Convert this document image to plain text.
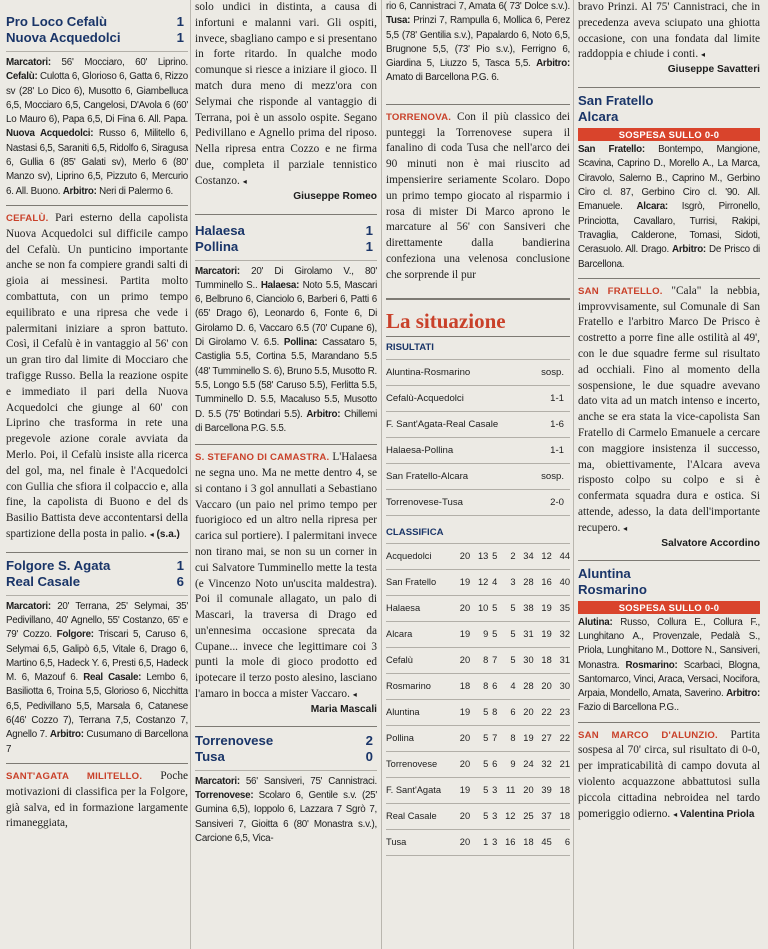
Pro Loco Cefalù	1
Nuova Acquedolci	1

Marcatori: 56' Mocciaro, 60' Liprino. Cefalù: Culotta 6, Glorioso 6, Gatta 6, Rizzo sv (28' Lo Dico 6), Musotto 6, Giambelluca 6,5, Mocciaro 6,5, Cangelosi, D'Avola 6 (60' Lo Mauro 6), Papa 6,5, Di Fina 6. All. Papa. Nuova Acquedolci: Russo 6, Militello 6, Nastasi 6,5, Saraniti 6,5, Ridolfo 6, Siragusa 6, Gullia 6 (85' Galati sv), Merlo 6 (80' Manzo sv), Liprino 6,5, Pizzuto 6, Mercurio 6. All. Buono. Arbitro: Neri di Palermo 6.

CEFALÙ. Pari esterno della capolista Nuova Acquedolci sul difficile campo del Cefalù. Un punticino importante anche se non fa compiere grandi salti di gioia ai messinesi. Partita molto combattuta, con un primo tempo equilibrato e una ripresa che vede i palermitani iniziare a spron battuto. Così, il Cefalù è in vantaggio al 56' con un gran tiro dal limite di Mocciaro che trafigge Russo. Bella la reazione ospite e immediato il pari della Nuova Acquedolci che giunge al 60' con Liprino che trasforma in rete una pregevole azione corale avviata da Merlo. Poi, il Cefalù insiste alla ricerca del gol, ma, nel finale è l'Acquedolci con Gullia che sfiora il colpaccio e, alla fine, la capolista di Buono e del ds Basilio Battista deve accontentarsi della spartizione della posta in palio. ◂ (s.a.)

Folgore S. Agata	1
Real Casale	6

Marcatori: 20' Terrana, 25' Selymai, 35' Pedivillano, 40' Agnello, 55' Costanzo, 65' e 79' Cozzo. Folgore: Triscari 5, Caruso 6, Selymai 6,5, Galipò 6,5, Vitale 6, Drago 6, Martino 6,5, Hadeck Y. 6, Presti 6,5, Hadeck M. 6, Mazouf 6. Real Casale: Lembo 6, Basiliotta 6, Troina 5,5, Glorioso 6, Nicchitta 6,5, Pedivillano 5,5, Marsala 6, Catanese 6(46' Cozzo 7), Terrana 7,5, Costanzo 7, Agnello 7. Arbitro: Cusumano di Barcellona 7

SANT'AGATA MILITELLO. Poche motivazioni di classifica per la Folgore, già salva, ed in formazione largamente rimaneggiata,

solo undici in distinta, a causa di infortuni e malanni vari. Gli ospiti, invece, sbagliano campo e si presentano in forte ritardo. In qualche modo comunque si riesce a iniziare il gioco. Il match dura meno di mezz'ora con Selymai che risponde al vantaggio di Terrana, poi è un assolo ospite. Segano Pedivillano e Agnello prima del riposo. Nella ripresa entra Cozzo e ne firma due, completa il parziale tennistico Costanzo. ◂

Giuseppe Romeo
Halaesa	1
Pollina	1

Marcatori: 20' Di Girolamo V., 80' Tumminello S.. Halaesa: Noto 5.5, Mascari 6, Belbruno 6, Cianciolo 6, Barberi 6, Patti 6 (65' Drago 6), Leonardo 6, Fonte 6, Di Girolamo D. 6, Vaccaro 6.5 (70' Cupane 6), Di Girolamo V. 6.5. Pollina: Cassataro 5, Castiglia 5.5, Cortina 5.5, Marandano 5.5 (48' Tumminello S. 6), Bruno 5.5, Musotto R. 5.5, Longo 5.5 (58' Caruso 5.5), Ferlitta 5.5, Tumminello D. 5.5, Macaluso 5.5, Musotto D. 5.5 (75' Botindari 5.5). Arbitro: Chillemi di Barcellona P.G. 5.5.

S. STEFANO DI CAMASTRA. L'Halaesa ne segna uno. Ma ne mette dentro 4, se si contano i 3 gol annullati a Sebastiano Vaccaro (un paio nel primo tempo per fuorigioco ed un altro nella ripresa per carica sul portiere). I palermitani invece non tirano mai, se non su un corner in cui Salvatore Tumminello mette la testa (e Vincenzo Noto un'uscita maldestra). Poi il comunale allagato, un palo di Mascari, la traversa di Drago ed un'ennesima occasione sprecata da Cupane... invece che legittimare coi 3 punti la mole di gioco prodotto ed ipotecare il terzo posto alesino, lasciano l'amaro in bocca a mister Vaccaro. ◂

Maria Mascali
Torrenovese	2
Tusa	0

Marcatori: 56' Sansiveri, 75' Cannistraci. Torrenovese: Scolaro 6, Gentile s.v. (25' Gumina 6,5), Ioppolo 6, Lazzara 7 Sgrò 7, Sansiveri 7, Gioitta 6 (80' Monastra s.v.), Carcione 6,5, Vica-

rio 6, Cannistraci 7, Amata 6( 73' Dolce s.v.). Tusa: Prinzi 7, Rampulla 6, Mollica 6, Perez 5,5 (78' Gentilia s.v.), Papalardo 6, Noto 6,5, Brugnone 5,5, (73' Pio s.v.), Ferrigno 6, Giardina 5, Liuzzo 5, Tasca 5,5. Arbitro: Amato di Barcellona P.G. 6.

TORRENOVA. Con il più classico dei punteggi la Torrenovese supera il fanalino di coda Tusa che nell'arco dei 90 minuti non è mai riuscito ad impensierire seriamente Scolaro. Dopo un primo tempo giocato al risparmio i rosa di mister Di Marco aprono le marcature al 56' con Sansiveri che direttamente dalla bandierina confeziona una velenosa conclusione che sorprende il pur

La situazione
RISULTATI
Aluntina-Rosmarino	sosp.
Cefalù-Acquedolci	1-1
F. Sant'Agata-Real Casale	1-6
Halaesa-Pollina	1-1
San Fratello-Alcara	sosp.
Torrenovese-Tusa	2-0
CLASSIFICA
Acquedolci	20	13	5	2	34	12	44
San Fratello	19	12	4	3	28	16	40
Halaesa	20	10	5	5	38	19	35
Alcara	19	9	5	5	31	19	32
Cefalù	20	8	7	5	30	18	31
Rosmarino	18	8	6	4	28	20	30
Aluntina	19	5	8	6	20	22	23
Pollina	20	5	7	8	19	27	22
Torrenovese	20	5	6	9	24	32	21
F. Sant'Agata	19	5	3	11	20	39	18
Real Casale	20	5	3	12	25	37	18
Tusa	20	1	3	16	18	45	6

bravo Prinzi. Al 75' Cannistraci, che in precedenza aveva sciupato una ghiotta occasione, con una fondata dal limite raddoppia e chiude i conti. ◂

Giuseppe Savatteri
San Fratello
Alcara
SOSPESA SULLO 0-0

San Fratello: Bontempo, Mangione, Scavina, Caprino D., Morello A., La Marca, Ciravolo, Salerno B., Caprino M., Gerbino Ciro cl. 87, Gerbino Ciro cl. '90. All. Emanuele. Alcara: Isgrò, Pirronello, Princiotta, Cavallaro, Turrisi, Rakipi, Travaglia, Calderone, Tomasi, Sidoti, Cerasuolo. All. Drago. Arbitro: De Prisco di Barcellona.

SAN FRATELLO. "Cala" la nebbia, improvvisamente, sul Comunale di San Fratello e l'arbitro Marco De Prisco è costretto a porre fine alle ostilità al 49', con le due squadre ferme sul risultato ad occhiali. Fino al momento della sospensione, le due squadre avevano dato vita ad un match intenso e incerto, anche se era stata la vice-capolista San Fratello di Carmelo Emanuele a cercare con maggiore insistenza il successo, ma, obiettivamente, l'Alcara aveva risposto colpo su colpo e si è confermata squadra dura e ostica. Si attende, adesso, la data dell'importante recupero. ◂

Salvatore Accordino
Aluntina
Rosmarino
SOSPESA SULLO 0-0

Alutina: Russo, Collura E., Collura F., Lunghitano A., Provenzale, Pedalà S., Priola, Lunghitano M., Dottore N., Sansiveri, Monastra. Rosmarino: Scarbaci, Blogna, Santomarco, Vinci, Araca, Versaci, Nocifora, Arpaia, Mondello, Amata, Saverino. Arbitro: Fazio di Barcellona P.G..

SAN MARCO D'ALUNZIO. Partita sospesa al 70' circa, sul risultato di 0-0, per impraticabilità di campo dovuta al violento acquazzone abbattutosi sulla piccola cittadina nebroidea nel tardo pomeriggio odierno. ◂ Valentina Priola
